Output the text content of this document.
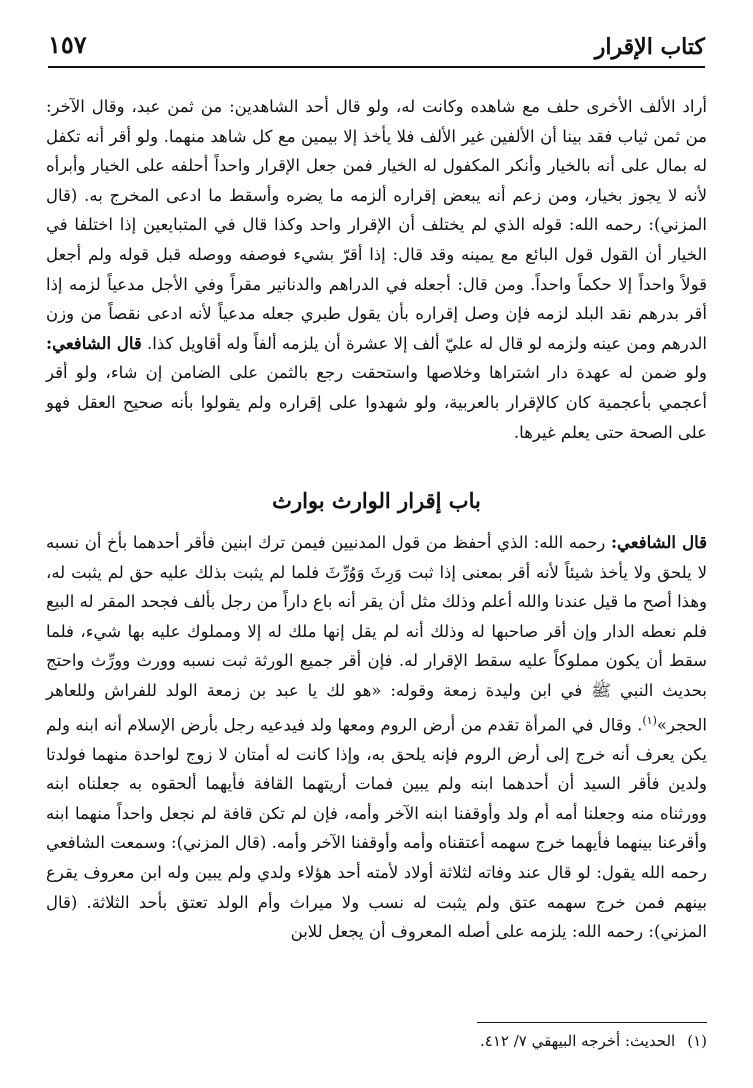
كتاب الإقرار
١٥٧
أراد الألف الأخرى حلف مع شاهده وكانت له، ولو قال أحد الشاهدين: من ثمن عبد، وقال الآخر: من ثمن ثياب فقد بينا أن الألفين غير الألف فلا يأخذ إلا بيمين مع كل شاهد منهما. ولو أقر أنه تكفل له بمال على أنه بالخيار وأنكر المكفول له الخيار فمن جعل الإقرار واحداً أحلفه على الخيار وأبرأه لأنه لا يجوز بخيار، ومن زعم أنه يبعض إقراره ألزمه ما يضره وأسقط ما ادعى المخرج به. (قال المزني): رحمه الله: قوله الذي لم يختلف أن الإقرار واحد وكذا قال في المتبايعين إذا اختلفا في الخيار أن القول قول البائع مع يمينه وقد قال: إذا أقرّ بشيء فوصفه ووصله قبل قوله ولم أجعل قولاً واحداً إلا حكماً واحداً. ومن قال: أجعله في الدراهم والدنانير مقراً وفي الأجل مدعياً لزمه إذا أقر بدرهم نقد البلد لزمه فإن وصل إقراره بأن يقول طبري جعله مدعياً لأنه ادعى نقصاً من وزن الدرهم ومن عينه ولزمه لو قال له عليّ ألف إلا عشرة أن يلزمه ألفاً وله أقاويل كذا. قال الشافعي: ولو ضمن له عهدة دار اشتراها وخلاصها واستحقت رجع بالثمن على الضامن إن شاء، ولو أقر أعجمي بأعجمية كان كالإقرار بالعربية، ولو شهدوا على إقراره ولم يقولوا بأنه صحيح العقل فهو على الصحة حتى يعلم غيرها.
باب إقرار الوارث بوارث
قال الشافعي: رحمه الله: الذي أحفظ من قول المدنيين فيمن ترك ابنين فأقر أحدهما بأخ أن نسبه لا يلحق ولا يأخذ شيئاً لأنه أقر بمعنى إذا ثبت وَرِثَ وَوُرِّثَ فلما لم يثبت بذلك عليه حق لم يثبت له، وهذا أصح ما قيل عندنا والله أعلم وذلك مثل أن يقر أنه باع داراً من رجل بألف فجحد المقر له البيع فلم نعطه الدار وإن أقر صاحبها له وذلك أنه لم يقل إنها ملك له إلا ومملوك عليه بها شيء، فلما سقط أن يكون مملوكاً عليه سقط الإقرار له. فإن أقر جميع الورثة ثبت نسبه وورث وورِّث واحتج بحديث النبي ﷺ في ابن وليدة زمعة وقوله: «هو لك يا عبد بن زمعة الولد للفراش وللعاهر الحجر»$^{(١)}$. وقال في المرأة تقدم من أرض الروم ومعها ولد فيدعيه رجل بأرض الإسلام أنه ابنه ولم يكن يعرف أنه خرج إلى أرض الروم فإنه يلحق به، وإذا كانت له أمتان لا زوج لواحدة منهما فولدتا ولدين فأقر السيد أن أحدهما ابنه ولم يبين فمات أريتهما القافة فأيهما ألحقوه به جعلناه ابنه وورثناه منه وجعلنا أمه أم ولد وأوقفنا ابنه الآخر وأمه، فإن لم تكن قافة لم نجعل واحداً منهما ابنه وأقرعنا بينهما فأيهما خرج سهمه أعتقناه وأمه وأوقفنا الآخر وأمه. (قال المزني): وسمعت الشافعي رحمه الله يقول: لو قال عند وفاته لثلاثة أولاد لأمته أحد هؤلاء ولدي ولم يبين وله ابن معروف يقرع بينهم فمن خرج سهمه عتق ولم يثبت له نسب ولا ميراث وأم الولد تعتق بأحد الثلاثة. (قال المزني): رحمه الله: يلزمه على أصله المعروف أن يجعل للابن
(١)الحديث: أخرجه البيهقي ٧/ ٤١٢.
